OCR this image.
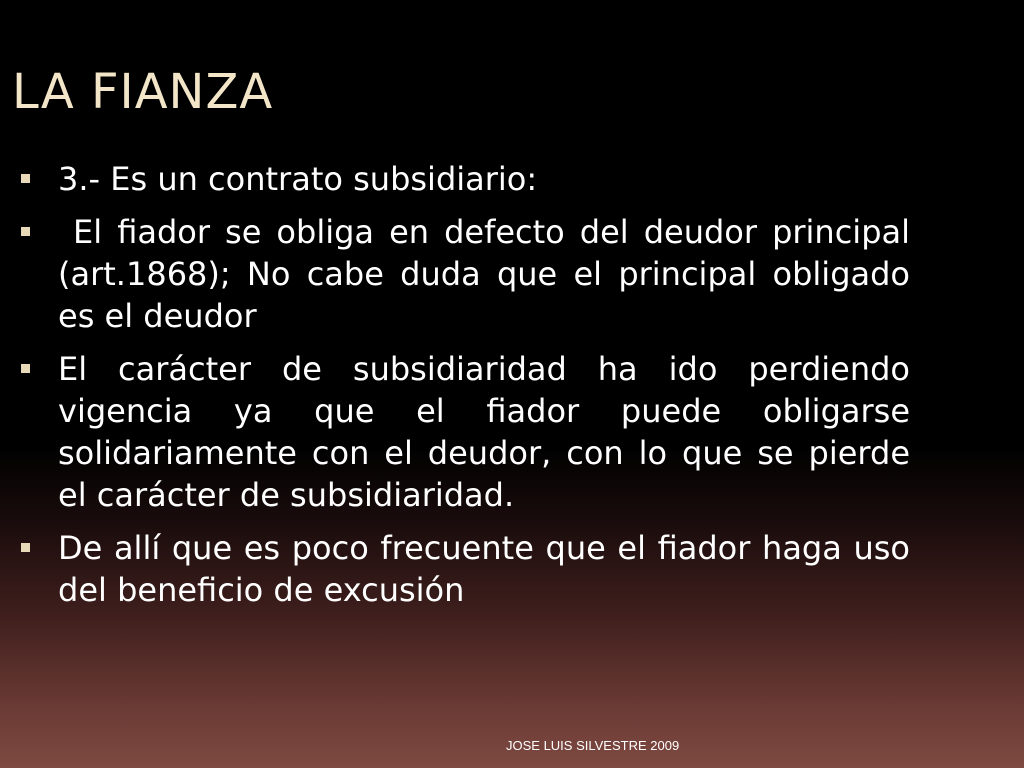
LA FIANZA
3.- Es un contrato subsidiario:
El fiador se obliga en defecto del deudor principal (art.1868); No cabe duda que el principal obligado es el deudor
El carácter de subsidiaridad ha ido perdiendo vigencia ya que el fiador puede obligarse solidariamente con el deudor, con lo que se pierde el carácter de subsidiaridad.
De allí que es poco frecuente que el fiador haga uso del beneficio de excusión
JOSE LUIS SILVESTRE 2009
